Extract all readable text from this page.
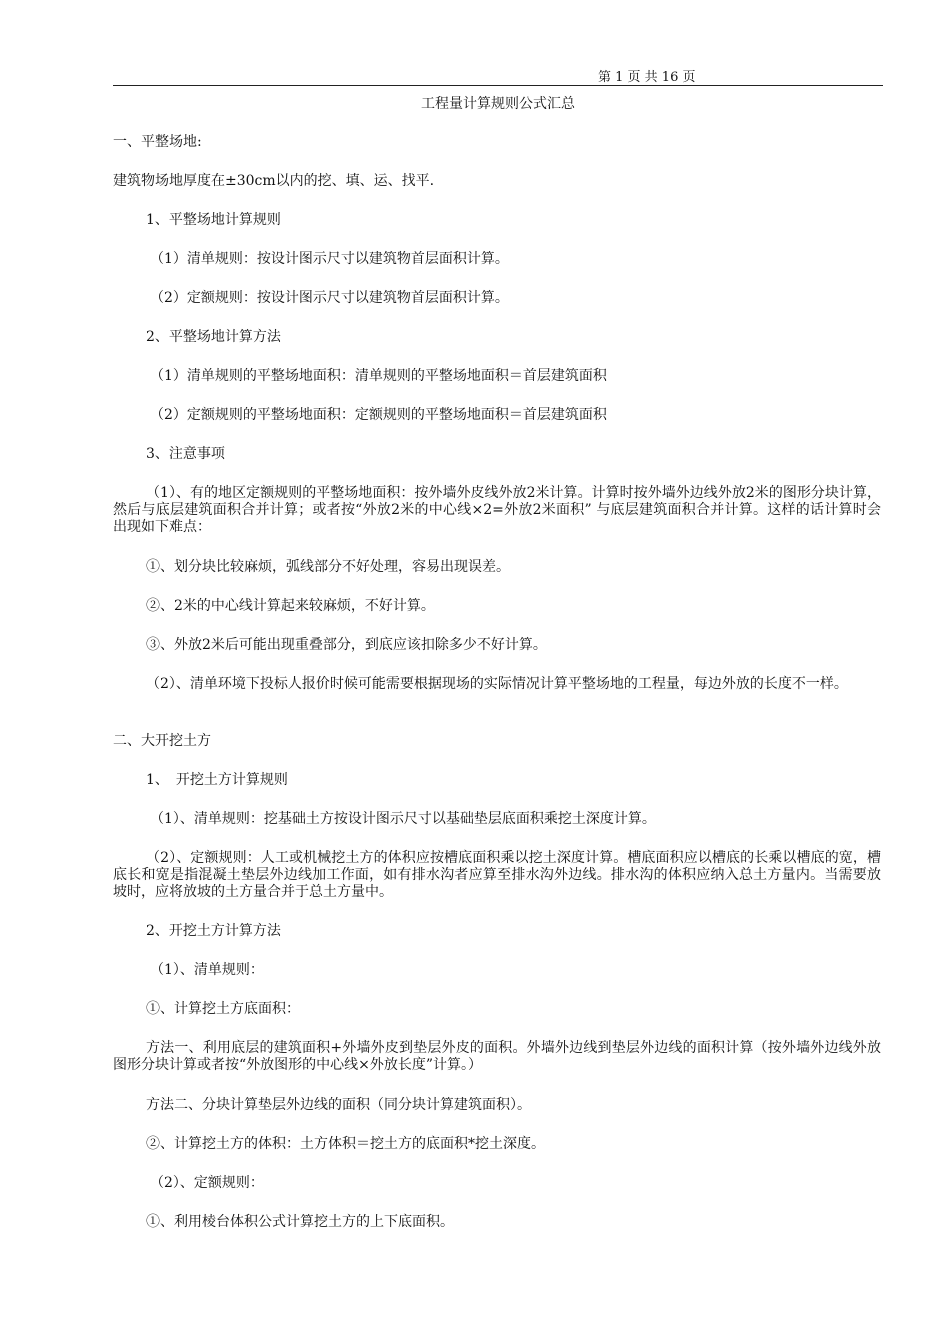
第 1 页 共 16 页
工程量计算规则公式汇总
一、平整场地:
建筑物场地厚度在±30cm以内的挖、填、运、找平.
1、平整场地计算规则
（1）清单规则：按设计图示尺寸以建筑物首层面积计算。
（2）定额规则：按设计图示尺寸以建筑物首层面积计算。
2、平整场地计算方法
（1）清单规则的平整场地面积：清单规则的平整场地面积＝首层建筑面积
（2）定额规则的平整场地面积：定额规则的平整场地面积＝首层建筑面积
3、注意事项
（1）、有的地区定额规则的平整场地面积：按外墙外皮线外放2米计算。计算时按外墙外边线外放2米的图形分块计算，然后与底层建筑面积合并计算；或者按“外放2米的中心线×2=外放2米面积” 与底层建筑面积合并计算。这样的话计算时会出现如下难点：
①、划分块比较麻烦，弧线部分不好处理，容易出现误差。
②、2米的中心线计算起来较麻烦，不好计算。
③、外放2米后可能出现重叠部分，到底应该扣除多少不好计算。
（2）、清单环境下投标人报价时候可能需要根据现场的实际情况计算平整场地的工程量，每边外放的长度不一样。
二、大开挖土方
1、　开挖土方计算规则
（1）、清单规则：挖基础土方按设计图示尺寸以基础垫层底面积乘挖土深度计算。
（2）、定额规则：人工或机械挖土方的体积应按槽底面积乘以挖土深度计算。槽底面积应以槽底的长乘以槽底的宽，槽底长和宽是指混凝土垫层外边线加工作面，如有排水沟者应算至排水沟外边线。排水沟的体积应纳入总土方量内。当需要放坡时，应将放坡的土方量合并于总土方量中。
2、开挖土方计算方法
（1）、清单规则：
①、计算挖土方底面积：
方法一、利用底层的建筑面积+外墙外皮到垫层外皮的面积。外墙外边线到垫层外边线的面积计算（按外墙外边线外放图形分块计算或者按“外放图形的中心线×外放长度”计算。）
方法二、分块计算垫层外边线的面积（同分块计算建筑面积）。
②、计算挖土方的体积：土方体积＝挖土方的底面积*挖土深度。
（2）、定额规则：
①、利用棱台体积公式计算挖土方的上下底面积。
